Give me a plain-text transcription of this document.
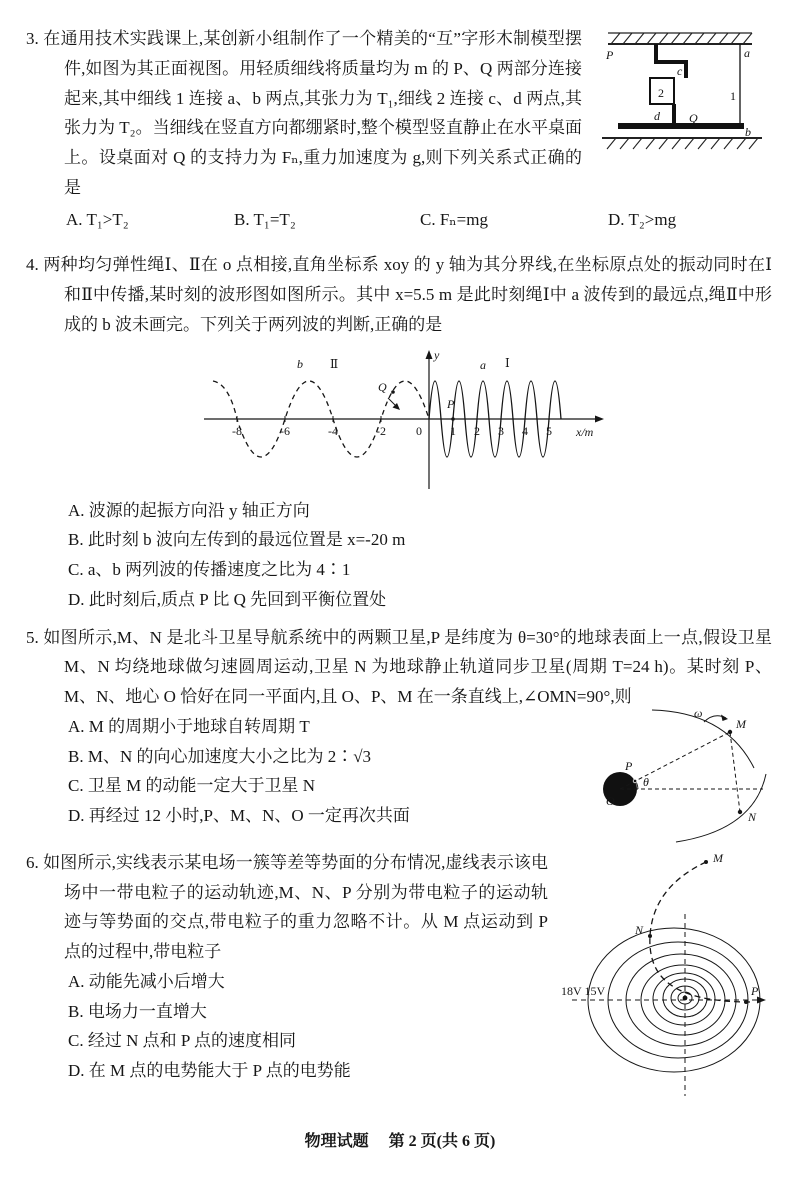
P	a
c
2	1
d Q
b

3. 在通用技术实践课上,某创新小组制作了一个精美的“互”字形木制模型摆件,如图为其正面视图。用轻质细线将质量均为 m 的 P、Q 两部分连接起来,其中细线 1 连接 a、b 两点,其张力为 T₁,细线 2 连接 c、d 两点,其张力为 T₂。当细线在竖直方向都绷紧时,整个模型竖直静止在水平桌面上。设桌面对 Q 的支持力为 Fₙ,重力加速度为 g,则下列关系式正确的是

A. T₁>T₂	B. T₁=T₂	C. Fₙ=mg	D. T₂>mg

4. 两种均匀弹性绳Ⅰ、Ⅱ在 o 点相接,直角坐标系 xoy 的 y 轴为其分界线,在坐标原点处的振动同时在Ⅰ和Ⅱ中传播,某时刻的波形图如图所示。其中 x=5.5 m 是此时刻绳Ⅰ中 a 波传到的最远点,绳Ⅱ中形成的 b 波未画完。下列关于两列波的判断,正确的是

y
x/m
Ⅱ
b	a Ⅰ
P
Q
-8	-6	-4	-2	0 1 2 3 4 5
A. 波源的起振方向沿 y 轴正方向
B. 此时刻 b 波向左传到的最远位置是 x=-20 m
C. a、b 两列波的传播速度之比为 4∶1
D. 此时刻后,质点 P 比 Q 先回到平衡位置处

5. 如图所示,M、N 是北斗卫星导航系统中的两颗卫星,P 是纬度为 θ=30°的地球表面上一点,假设卫星 M、N 均绕地球做匀速圆周运动,卫星 N 为地球静止轨道同步卫星(周期 T=24 h)。某时刻 P、M、N、地心 O 恰好在同一平面内,且 O、P、M 在一条直线上,∠OMN=90°,则

ω
M
N
O
θ
P
A. M 的周期小于地球自转周期 T
B. M、N 的向心加速度大小之比为 2∶√3
C. 卫星 M 的动能一定大于卫星 N
D. 再经过 12 小时,P、M、N、O 一定再次共面
M
N
P
18V 15V

6. 如图所示,实线表示某电场一簇等差等势面的分布情况,虚线表示该电场中一带电粒子的运动轨迹,M、N、P 分别为带电粒子的运动轨迹与等势面的交点,带电粒子的重力忽略不计。从 M 点运动到 P 点的过程中,带电粒子

A. 动能先减小后增大
B. 电场力一直增大
C. 经过 N 点和 P 点的速度相同
D. 在 M 点的电势能大于 P 点的电势能
物理试题 第 2 页(共 6 页)
